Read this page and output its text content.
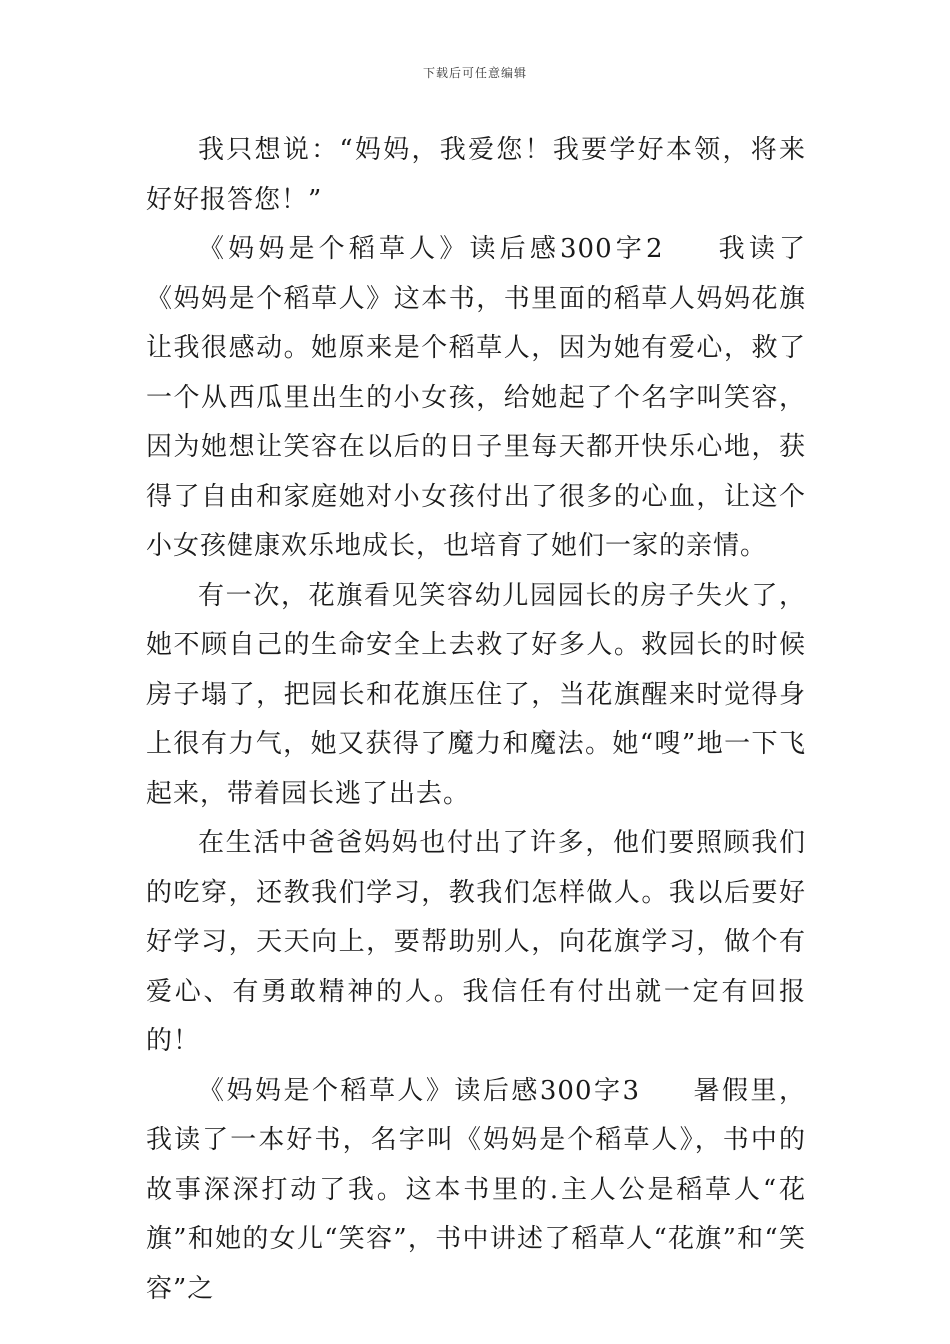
下载后可任意编辑

我只想说：“妈妈，我爱您！我要学好本领，将来好好报答您！”

《妈妈是个稻草人》读后感300字2 我读了《妈妈是个稻草人》这本书，书里面的稻草人妈妈花旗让我很感动。她原来是个稻草人，因为她有爱心，救了一个从西瓜里出生的小女孩，给她起了个名字叫笑容，因为她想让笑容在以后的日子里每天都开快乐心地，获得了自由和家庭她对小女孩付出了很多的心血，让这个小女孩健康欢乐地成长，也培育了她们一家的亲情。

有一次，花旗看见笑容幼儿园园长的房子失火了，她不顾自己的生命安全上去救了好多人。救园长的时候房子塌了，把园长和花旗压住了，当花旗醒来时觉得身上很有力气，她又获得了魔力和魔法。她“嗖”地一下飞起来，带着园长逃了出去。

在生活中爸爸妈妈也付出了许多，他们要照顾我们的吃穿，还教我们学习，教我们怎样做人。我以后要好好学习，天天向上，要帮助别人，向花旗学习，做个有爱心、有勇敢精神的人。我信任有付出就一定有回报的！

《妈妈是个稻草人》读后感300字3 暑假里，我读了一本好书，名字叫《妈妈是个稻草人》，书中的故事深深打动了我。这本书里的.主人公是稻草人“花旗”和她的女儿“笑容”，书中讲述了稻草人“花旗”和“笑容”之
